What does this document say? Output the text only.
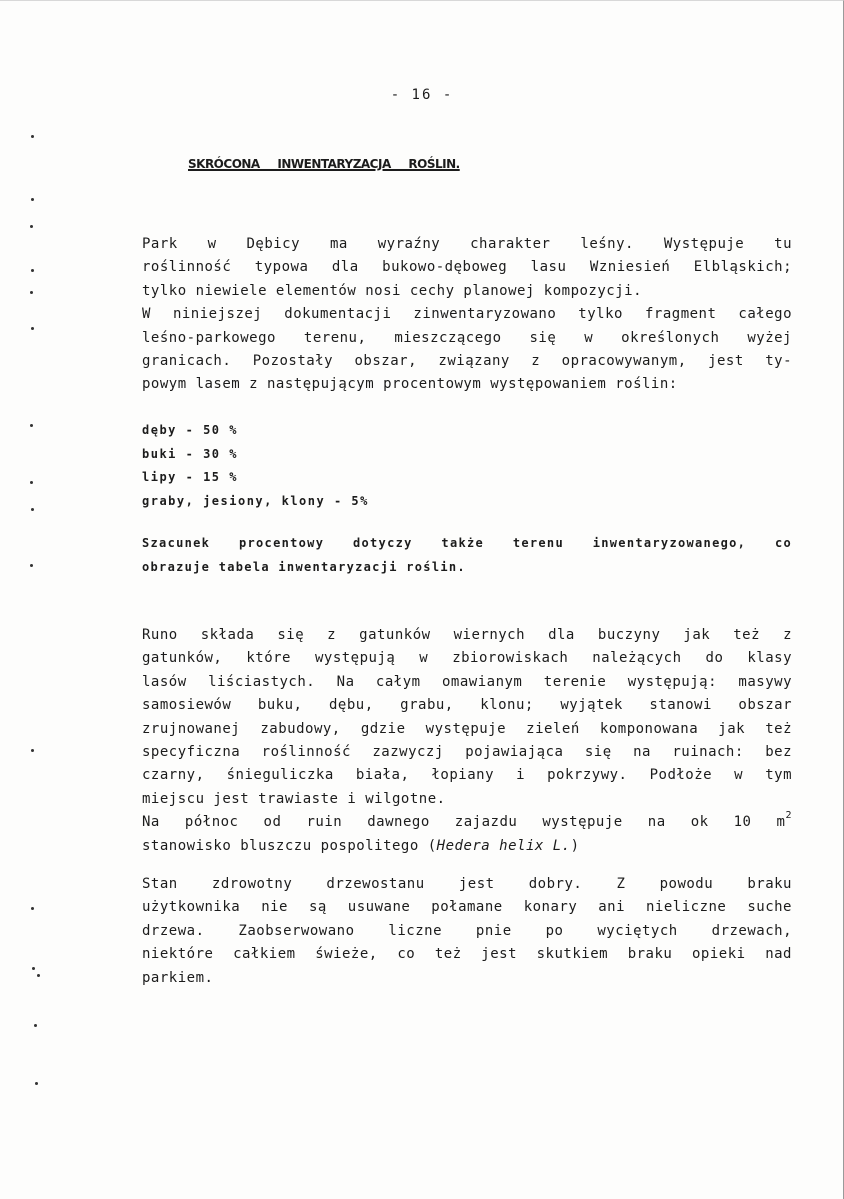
- 16 -
SKRÓCONA INWENTARYZACJA ROŚLIN.

Park w Dębicy ma wyraźny charakter leśny. Występuje tu

roślinność typowa dla bukowo-dęboweg lasu Wzniesień Elbląskich;

tylko niewiele elementów nosi cechy planowej kompozycji.

W niniejszej dokumentacji zinwentaryzowano tylko fragment całego

leśno-parkowego terenu, mieszczącego się w określonych wyżej

granicach. Pozostały obszar, związany z opracowywanym, jest ty-

powym lasem z następującym procentowym występowaniem roślin:

dęby - 50 %
buki - 30 %
lipy - 15 %
graby, jesiony, klony - 5%

Szacunek procentowy dotyczy także terenu inwentaryzowanego, co

obrazuje tabela inwentaryzacji roślin.

Runo składa się z gatunków wiernych dla buczyny jak też z

gatunków, które występują w zbiorowiskach należących do klasy

lasów liściastych. Na całym omawianym terenie występują: masywy

samosiewów buku, dębu, grabu, klonu; wyjątek stanowi obszar

zrujnowanej zabudowy, gdzie występuje zieleń komponowana jak też

specyficzna roślinność zazwyczj pojawiająca się na ruinach: bez

czarny, śnieguliczka biała, łopiany i pokrzywy. Podłoże w tym

miejscu jest trawiaste i wilgotne.

Na północ od ruin dawnego zajazdu występuje na ok 10 $m^2$

stanowisko bluszczu pospolitego (Hedera helix L.)

Stan zdrowotny drzewostanu jest dobry. Z powodu braku

użytkownika nie są usuwane połamane konary ani nieliczne suche

drzewa. Zaobserwowano liczne pnie po wyciętych drzewach,

niektóre całkiem świeże, co też jest skutkiem braku opieki nad

parkiem.
